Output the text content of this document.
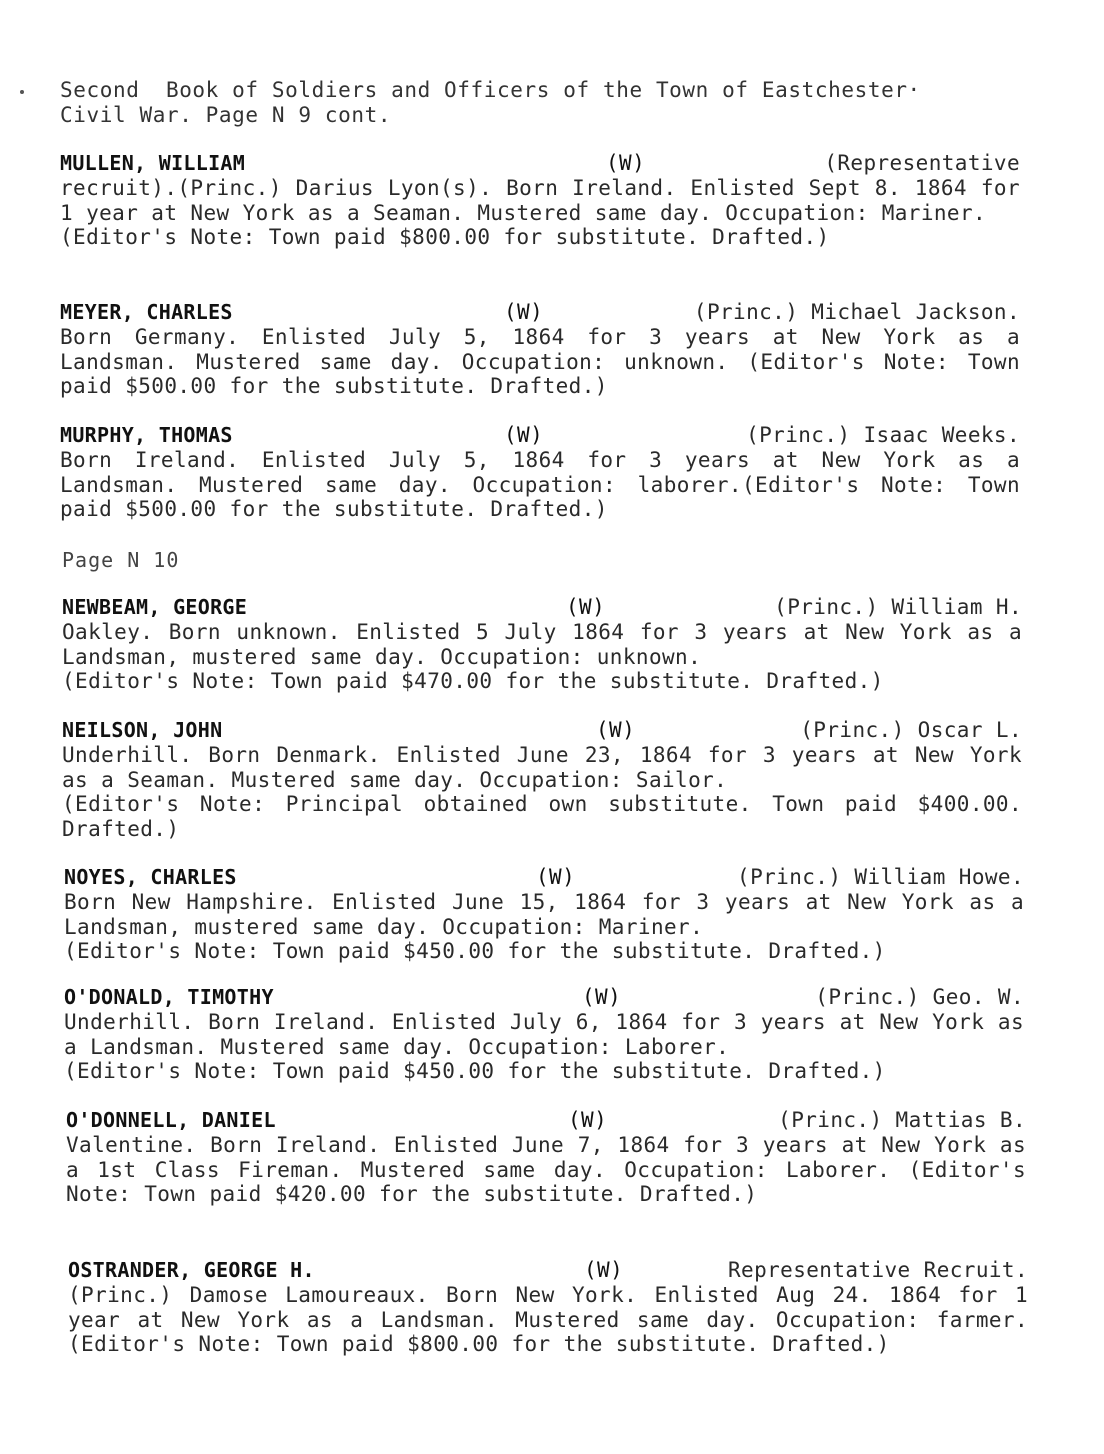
Second  Book of Soldiers and Officers of the Town of Eastchester·
Civil War. Page N 9 cont.
MULLEN, WILLIAM	(W)	(Representative
recruit).(Princ.) Darius Lyon(s). Born Ireland. Enlisted Sept 8. 1864 for 1 year at New York as a Seaman. Mustered same day. Occupation: Mariner.
(Editor's Note: Town paid $800.00 for substitute. Drafted.)
MEYER, CHARLES	(W)	(Princ.) Michael Jackson.
Born Germany. Enlisted July 5, 1864 for 3 years at New York as a Landsman. Mustered same day. Occupation: unknown. (Editor's Note: Town paid $500.00 for the substitute. Drafted.)
MURPHY, THOMAS	(W)	(Princ.) Isaac Weeks.
Born Ireland. Enlisted July 5, 1864 for 3 years at New York as a Landsman. Mustered same day. Occupation: laborer.(Editor's Note: Town paid $500.00 for the substitute. Drafted.)
Page N 10
NEWBEAM, GEORGE	(W)	(Princ.) William H.
Oakley. Born unknown. Enlisted 5 July 1864 for 3 years at New York as a Landsman, mustered same day. Occupation: unknown.
(Editor's Note: Town paid $470.00 for the substitute. Drafted.)
NEILSON, JOHN	(W)	(Princ.) Oscar L.
Underhill. Born Denmark. Enlisted June 23, 1864 for 3 years at New York as a Seaman. Mustered same day. Occupation: Sailor.
(Editor's Note: Principal obtained own substitute. Town paid $400.00. Drafted.)
NOYES, CHARLES	(W)	(Princ.) William Howe.
Born New Hampshire. Enlisted June 15, 1864 for 3 years at New York as a Landsman, mustered same day. Occupation: Mariner.
(Editor's Note: Town paid $450.00 for the substitute. Drafted.)
O'DONALD, TIMOTHY	(W)	(Princ.) Geo. W.
Underhill. Born Ireland. Enlisted July 6, 1864 for 3 years at New York as a Landsman. Mustered same day. Occupation: Laborer.
(Editor's Note: Town paid $450.00 for the substitute. Drafted.)
O'DONNELL, DANIEL	(W)	(Princ.) Mattias B.
Valentine. Born Ireland. Enlisted June 7, 1864 for 3 years at New York as a 1st Class Fireman. Mustered same day. Occupation: Laborer. (Editor's Note: Town paid $420.00 for the substitute. Drafted.)
OSTRANDER, GEORGE H.	(W)	Representative Recruit.
(Princ.) Damose Lamoureaux. Born New York. Enlisted Aug 24. 1864 for 1 year at New York as a Landsman. Mustered same day. Occupation: farmer.(Editor's Note: Town paid $800.00 for the substitute. Drafted.)
